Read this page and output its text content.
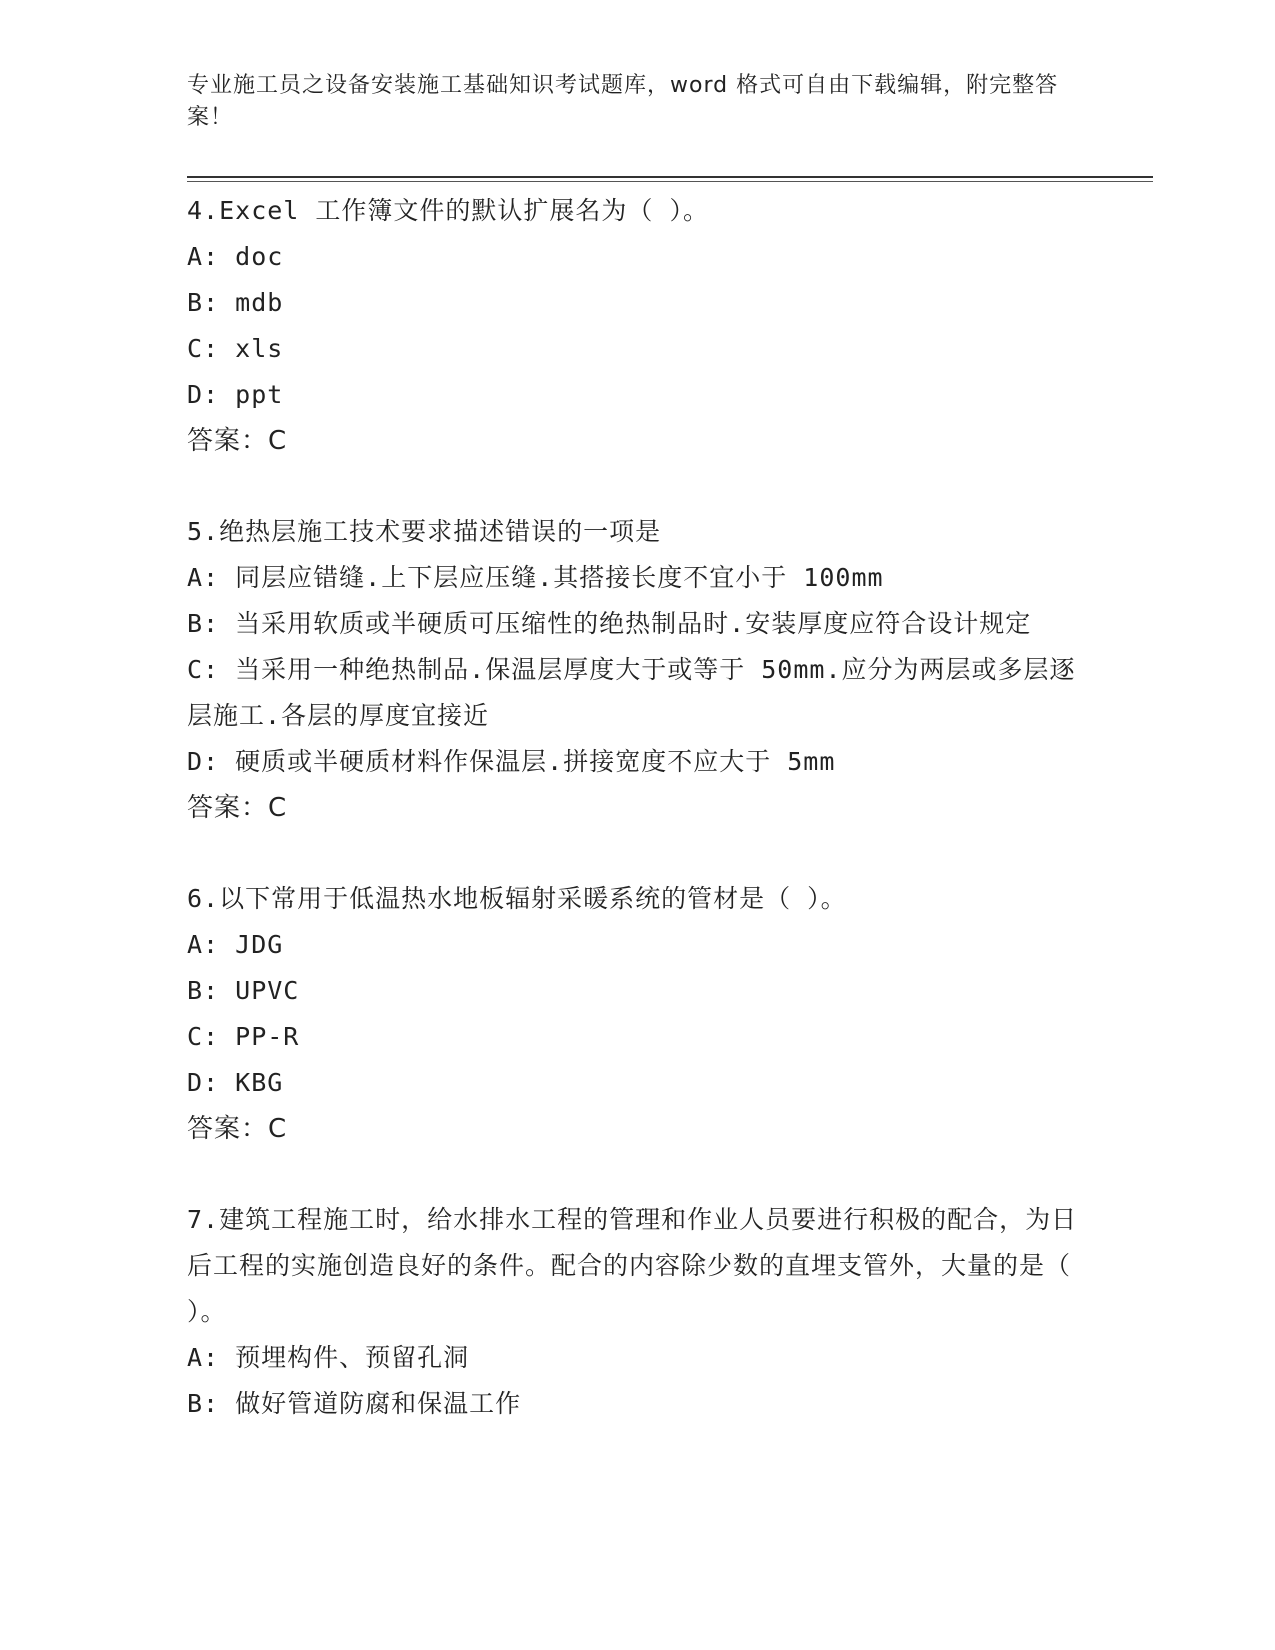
专业施工员之设备安装施工基础知识考试题库，word 格式可自由下载编辑，附完整答案！
4.Excel 工作簿文件的默认扩展名为（ ）。
A: doc
B: mdb
C: xls
D: ppt
答案：C
5.绝热层施工技术要求描述错误的一项是
A: 同层应错缝.上下层应压缝.其搭接长度不宜小于 100mm
B: 当采用软质或半硬质可压缩性的绝热制品时.安装厚度应符合设计规定
C: 当采用一种绝热制品.保温层厚度大于或等于 50mm.应分为两层或多层逐层施工.各层的厚度宜接近
D: 硬质或半硬质材料作保温层.拼接宽度不应大于 5mm
答案：C
6.以下常用于低温热水地板辐射采暖系统的管材是（ ）。
A: JDG
B: UPVC
C: PP-R
D: KBG
答案：C
7.建筑工程施工时，给水排水工程的管理和作业人员要进行积极的配合，为日后工程的实施创造良好的条件。配合的内容除少数的直埋支管外，大量的是（ ）。
A: 预埋构件、预留孔洞
B: 做好管道防腐和保温工作
